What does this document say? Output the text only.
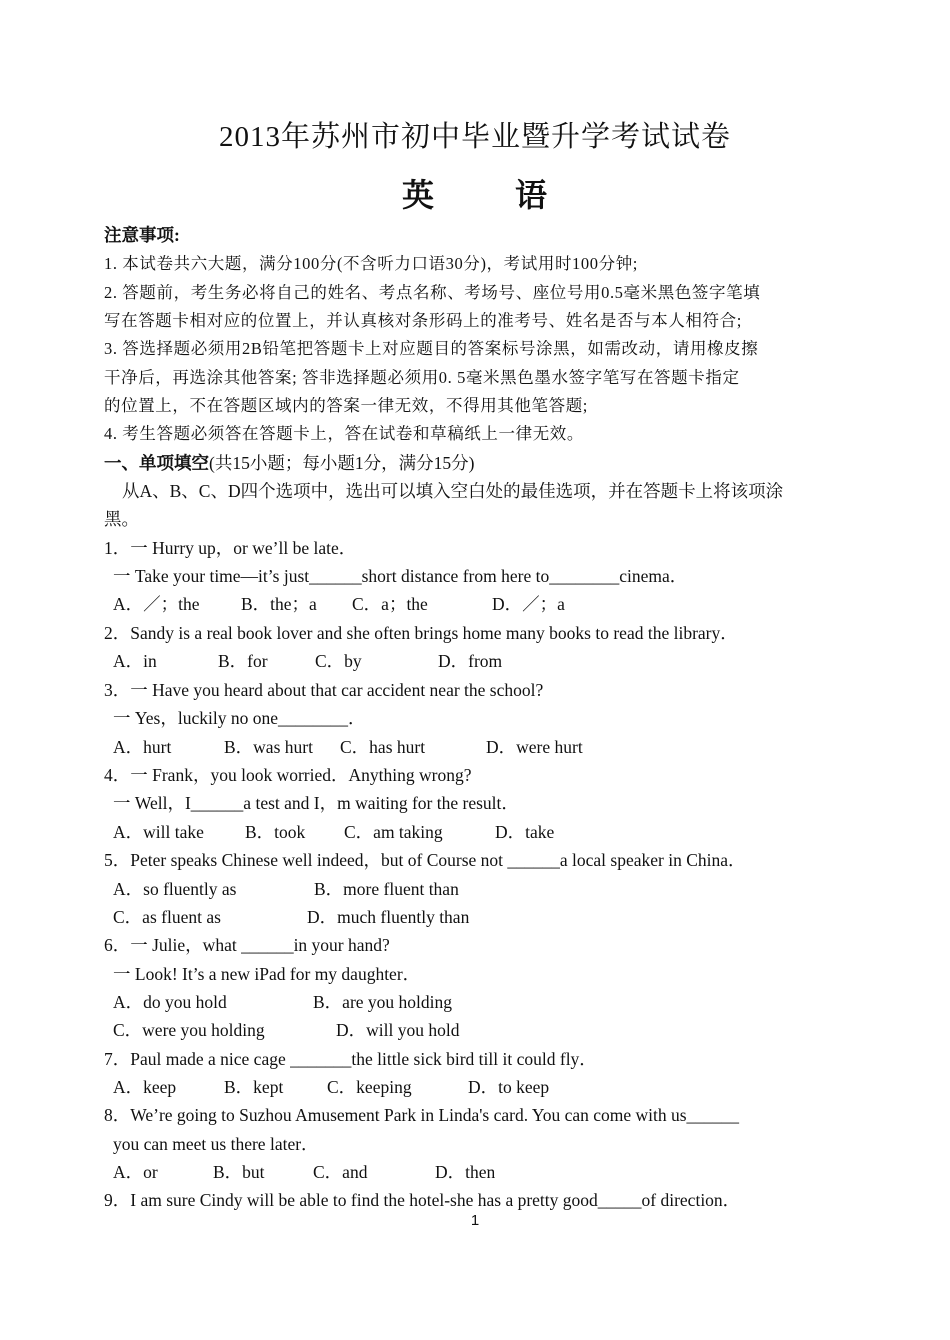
2013年苏州市初中毕业暨升学考试试卷
英	语
注意事项:
1. 本试卷共六大题，满分100分(不含听力口语30分)，考试用时100分钟;
2. 答题前，考生务必将自己的姓名、考点名称、考场号、座位号用0.5毫米黑色签字笔填
写在答题卡相对应的位置上，并认真核对条形码上的准考号、姓名是否与本人相符合;
3. 答选择题必须用2B铅笔把答题卡上对应题目的答案标号涂黑，如需改动，请用橡皮擦
干净后，再选涂其他答案; 答非选择题必须用0. 5毫米黑色墨水签字笔写在答题卡指定
的位置上，不在答题区域内的答案一律无效，不得用其他笔答题;
4. 考生答题必须答在答题卡上，答在试卷和草稿纸上一律无效。
一、单项填空(共15小题；每小题1分，满分15分)
从A、B、C、D四个选项中，选出可以填入空白处的最佳选项，并在答题卡上将该项涂
黑。
1．一 Hurry up，or we’ll be late．
一 Take your time—it’s just______short distance from here to________cinema．
A．／；the B．the；a C．a；the	D．／；a
2．Sandy is a real book lover and she often brings home many books to read the library．
A．in	B．for	C．by	D．from
3．一 Have you heard about that car accident near the school?
一 Yes，luckily no one________．
A．hurt	B．was hurt C．has hurt	D．were hurt
4．一 Frank，you look worried．Anything wrong?
一 Well，I______a test and I，m waiting for the result．
A．will take B．took C．am taking	D．take
5．Peter speaks Chinese well indeed，but of Course not ______a local speaker in China．
A．so fluently as	B．more fluent than
C．as fluent as	D．much fluently than
6．一 Julie，what ______in your hand?
一 Look! It’s a new iPad for my daughter．
A．do you hold	B．are you holding
C．were you holding	D．will you hold
7．Paul made a nice cage _______the little sick bird till it could fly．
A．keep	B．kept C．keeping	D．to keep
8．We’re going to Suzhou Amusement Park in Linda's card. You can come with us______
you can meet us there later．
A．or	B．but	C．and	D．then
9．I am sure Cindy will be able to find the hotel-she has a pretty good_____of direction．
1
